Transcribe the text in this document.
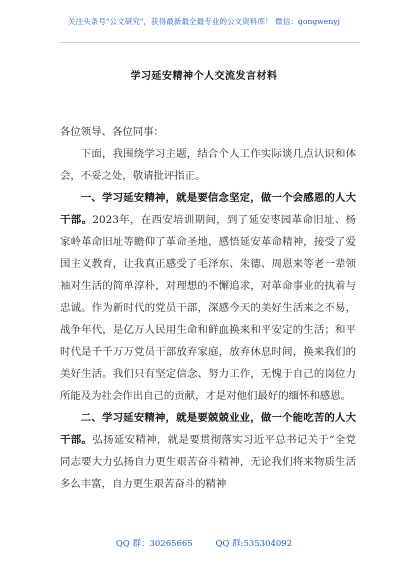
关注头条号"公文研究"，获得最新最全最专业的公文资料库！ 微信：gongwenyj
学习延安精神个人交流发言材料

各位领导、各位同事：

下面，我围绕学习主题，结合个人工作实际谈几点认识和体会，不妥之处，敬请批评指正。

一、学习延安精神，就是要信念坚定，做一个会感恩的人大干部。2023年，在西安培训期间，到了延安枣园革命旧址、杨家岭革命旧址等瞻仰了革命圣地，感悟延安革命精神，接受了爱国主义教育，让我真正感受了毛泽东、朱德、周恩来等老一辈领袖对生活的简单淳朴，对理想的不懈追求，对革命事业的执着与忠诚。作为新时代的党员干部，深感今天的美好生活来之不易，战争年代，是亿万人民用生命和鲜血换来和平安定的生活；和平时代是千千万万党员干部放弃家庭，放弃休息时间，换来我们的美好生活。我们只有坚定信念、努力工作，无愧于自己的岗位力所能及为社会作出自己的贡献，才是对他们最好的缅怀和感恩。

二、学习延安精神，就是要兢兢业业，做一个能吃苦的人大干部。弘扬延安精神，就是要贯彻落实习近平总书记关于“全党同志要大力弘扬自力更生艰苦奋斗精神，无论我们将来物质生活多么丰富，自力更生艰苦奋斗的精神

QQ 群：30265665	QQ 群:535304092
